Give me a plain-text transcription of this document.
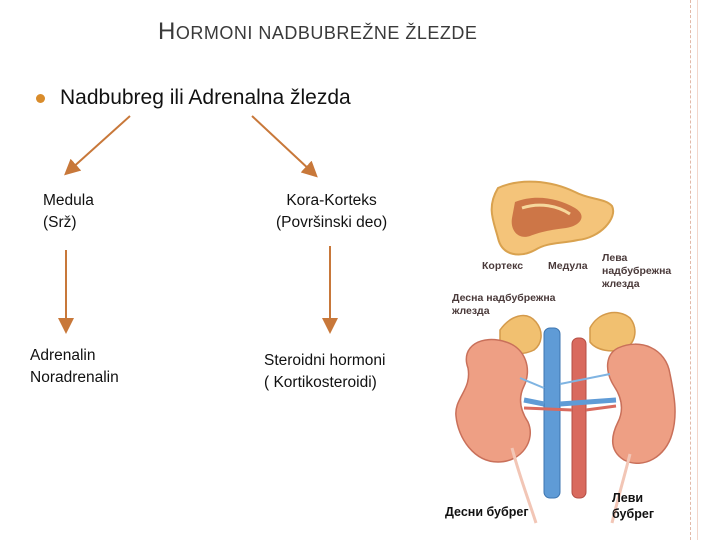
HORMONI NADBUBREŽNE ŽLEZDE
Nadbubreg ili Adrenalna žlezda
Medula
(Srž)
Kora-Korteks
(Površinski deo)
Adrenalin
Noradrenalin
Steroidni hormoni
( Kortikosteroidi)
Кортекс Медула
Лева
надбубрежна
жлезда
Десна надбубрежна
жлезда
Десни бубрег
Леви
бубрег
